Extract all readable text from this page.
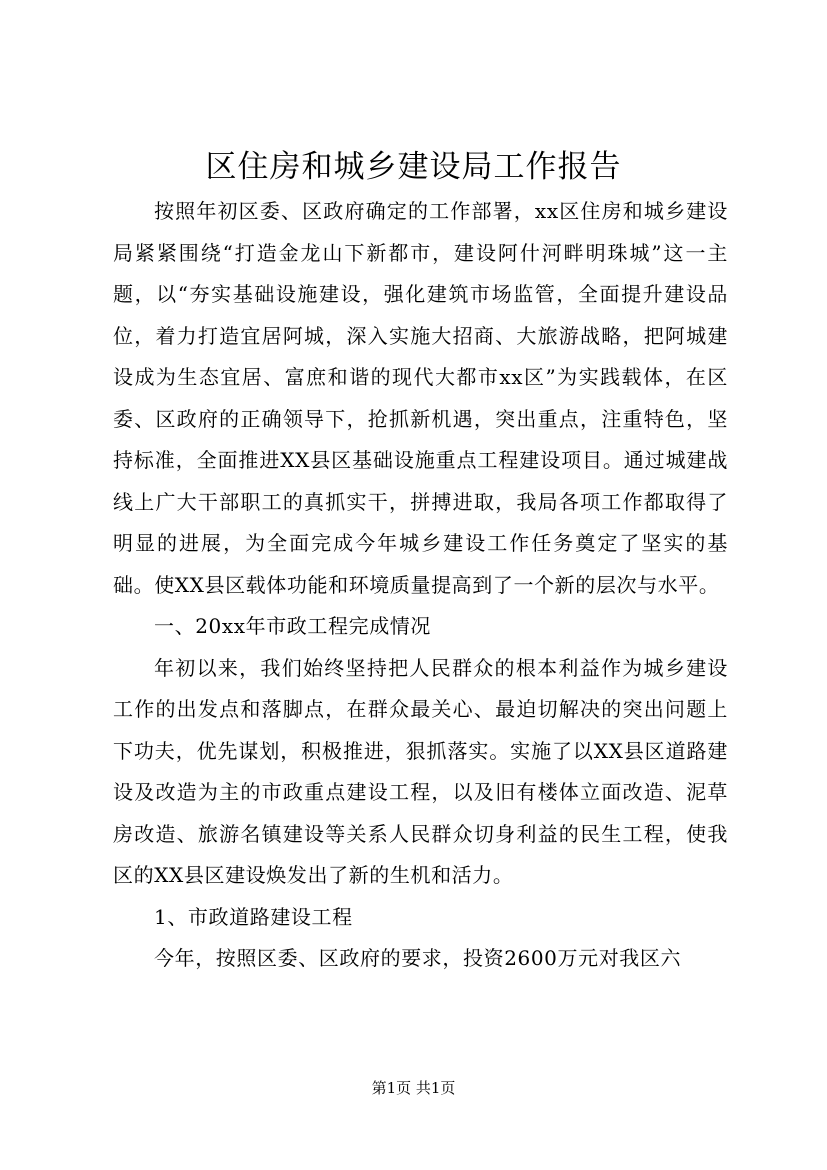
区住房和城乡建设局工作报告

按照年初区委、区政府确定的工作部署，xx区住房和城乡建设局紧紧围绕“打造金龙山下新都市，建设阿什河畔明珠城”这一主题，以“夯实基础设施建设，强化建筑市场监管，全面提升建设品位，着力打造宜居阿城，深入实施大招商、大旅游战略，把阿城建设成为生态宜居、富庶和谐的现代大都市xx区”为实践载体，在区委、区政府的正确领导下，抢抓新机遇，突出重点，注重特色，坚持标准，全面推进XX县区基础设施重点工程建设项目。通过城建战线上广大干部职工的真抓实干，拼搏进取，我局各项工作都取得了明显的进展，为全面完成今年城乡建设工作任务奠定了坚实的基础。使XX县区载体功能和环境质量提高到了一个新的层次与水平。

一、20xx年市政工程完成情况

年初以来，我们始终坚持把人民群众的根本利益作为城乡建设工作的出发点和落脚点，在群众最关心、最迫切解决的突出问题上下功夫，优先谋划，积极推进，狠抓落实。实施了以XX县区道路建设及改造为主的市政重点建设工程，以及旧有楼体立面改造、泥草房改造、旅游名镇建设等关系人民群众切身利益的民生工程，使我区的XX县区建设焕发出了新的生机和活力。

1、市政道路建设工程

今年，按照区委、区政府的要求，投资2600万元对我区六

第1页 共1页
